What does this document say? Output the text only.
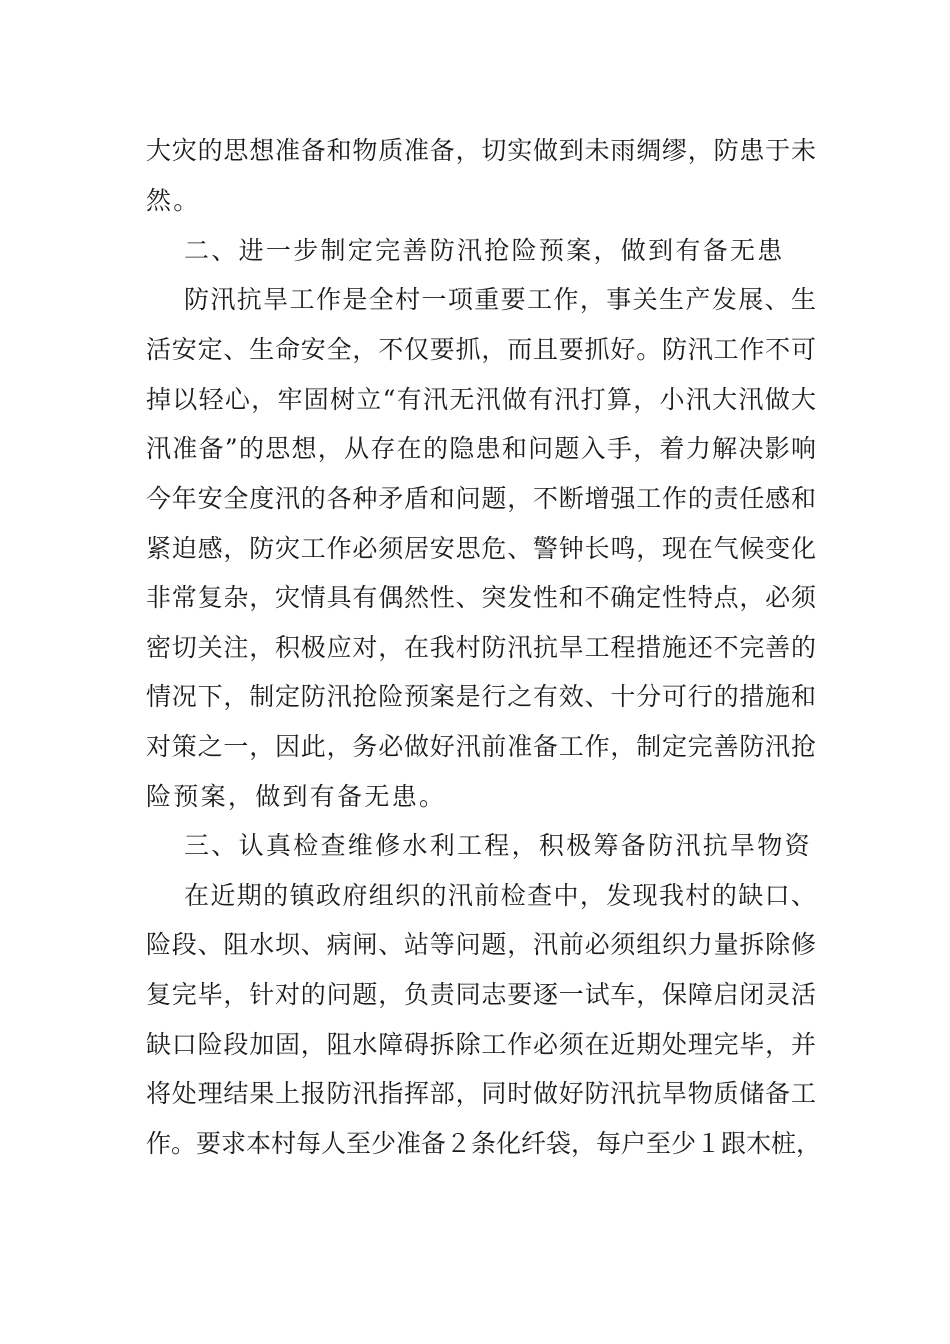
大灾的思想准备和物质准备，切实做到未雨绸缪，防患于未

然。

二、进一步制定完善防汛抢险预案，做到有备无患

防汛抗旱工作是全村一项重要工作，事关生产发展、生

活安定、生命安全，不仅要抓，而且要抓好。防汛工作不可

掉以轻心，牢固树立“有汛无汛做有汛打算，小汛大汛做大

汛准备”的思想，从存在的隐患和问题入手，着力解决影响

今年安全度汛的各种矛盾和问题，不断增强工作的责任感和

紧迫感，防灾工作必须居安思危、警钟长鸣，现在气候变化

非常复杂，灾情具有偶然性、突发性和不确定性特点，必须

密切关注，积极应对，在我村防汛抗旱工程措施还不完善的

情况下，制定防汛抢险预案是行之有效、十分可行的措施和

对策之一，因此，务必做好汛前准备工作，制定完善防汛抢

险预案，做到有备无患。

三、认真检查维修水利工程，积极筹备防汛抗旱物资

在近期的镇政府组织的汛前检查中，发现我村的缺口、

险段、阻水坝、病闸、站等问题，汛前必须组织力量拆除修

复完毕，针对的问题，负责同志要逐一试车，保障启闭灵活

缺口险段加固，阻水障碍拆除工作必须在近期处理完毕，并

将处理结果上报防汛指挥部，同时做好防汛抗旱物质储备工

作。要求本村每人至少准备２条化纤袋，每户至少１跟木桩，
